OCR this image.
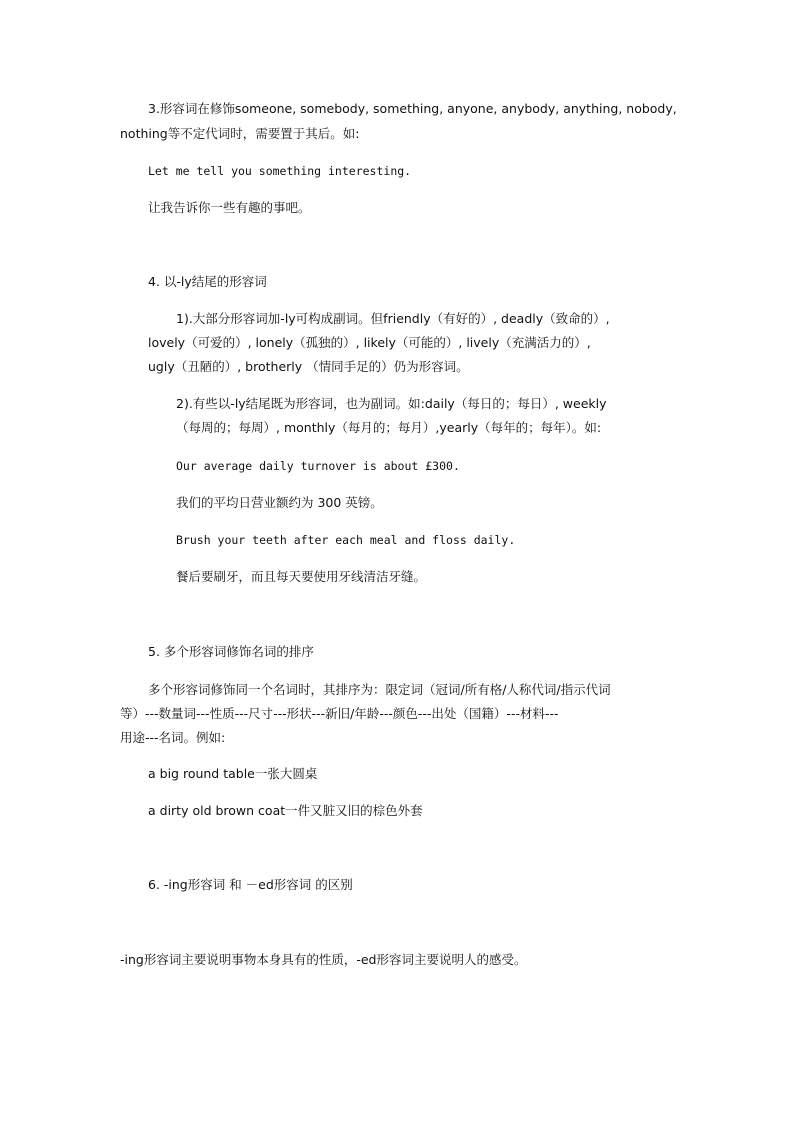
3.形容词在修饰someone, somebody, something, anyone, anybody, anything, nobody,
nothing等不定代词时，需要置于其后。如:
Let me tell you something interesting.
让我告诉你一些有趣的事吧。
4. 以-ly结尾的形容词
1).大部分形容词加-ly可构成副词。但friendly（有好的）, deadly（致命的）,
lovely（可爱的）, lonely（孤独的）, likely（可能的）, lively（充满活力的）,
ugly（丑陋的）, brotherly （情同手足的）仍为形容词。
2).有些以-ly结尾既为形容词，也为副词。如:daily（每日的；每日）, weekly
（每周的；每周）, monthly（每月的；每月）,yearly（每年的；每年）。如:
Our average daily turnover is about £300.
我们的平均日营业额约为 300 英镑。
Brush your teeth after each meal and floss daily.
餐后要刷牙，而且每天要使用牙线清洁牙缝。
5. 多个形容词修饰名词的排序
多个形容词修饰同一个名词时，其排序为：限定词（冠词/所有格/人称代词/指示代词
等）---数量词---性质---尺寸---形状---新旧/年龄---颜色---出处（国籍）---材料---
用途---名词。例如:
a big round table一张大圆桌
a dirty old brown coat一件又脏又旧的棕色外套
6. -ing形容词 和 －ed形容词 的区别
-ing形容词主要说明事物本身具有的性质，-ed形容词主要说明人的感受。
